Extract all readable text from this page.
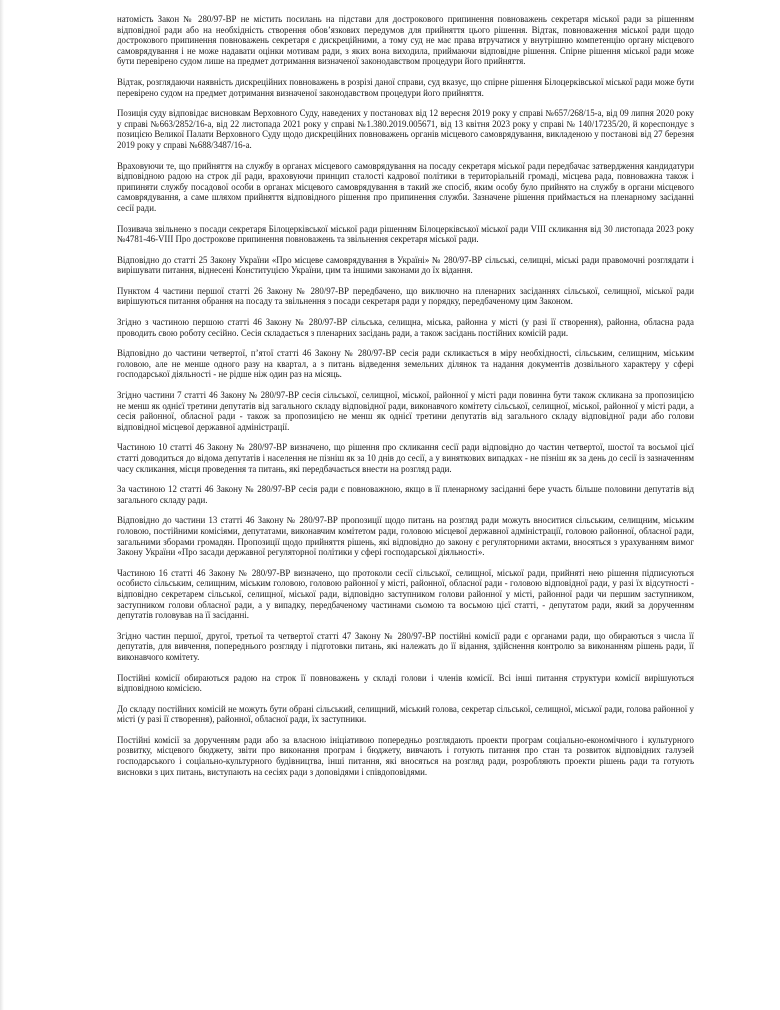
натомість Закон № 280/97-ВР не містить посилань на підстави для дострокового припинення повноважень секретаря міської ради за рішенням відповідної ради або на необхідність створення обов’язкових передумов для прийняття цього рішення. Відтак, повноваження міської ради щодо дострокового припинення повноважень секретаря є дискреційними, а тому суд не має права втручатися у внутрішню компетенцію органу місцевого самоврядування і не може надавати оцінки мотивам ради, з яких вона виходила, приймаючи відповідне рішення. Спірне рішення міської ради може бути перевірено судом лише на предмет дотримання визначеної законодавством процедури його прийняття.

Відтак, розглядаючи наявність дискреційних повноважень в розрізі даної справи, суд вказує, що спірне рішення Білоцерківської міської ради може бути перевірено судом на предмет дотримання визначеної законодавством процедури його прийняття.

Позиція суду відповідає висновкам Верховного Суду, наведених у постановах від 12 вересня 2019 року у справі №657/268/15-а, від 09 липня 2020 року у справі №663/2852/16-а, від 22 листопада 2021 року у справі №1.380.2019.005671, від 13 квітня 2023 року у справі № 140/17235/20, й кореспондує з позицією Великої Палати Верховного Суду щодо дискреційних повноважень органів місцевого самоврядування, викладеною у постанові від 27 березня 2019 року у справі №688/3487/16-а.

Враховуючи те, що прийняття на службу в органах місцевого самоврядування на посаду секретаря міської ради передбачає затвердження кандидатури відповідною радою на строк дії ради, враховуючи принцип сталості кадрової політики в територіальній громаді, місцева рада, повноважна також і припиняти службу посадової особи в органах місцевого самоврядування в такий же спосіб, яким особу було прийнято на службу в органи місцевого самоврядування, а саме шляхом прийняття відповідного рішення про припинення служби. Зазначене рішення приймається на пленарному засіданні сесії ради.

Позивача звільнено з посади секретаря Білоцерківської міської ради рішенням Білоцерківської міської ради VIII скликання від 30 листопада 2023 року №4781-46-VIII Про дострокове припинення повноважень та звільнення секретаря міської ради.

Відповідно до статті 25 Закону України «Про місцеве самоврядування в Україні» № 280/97-ВР сільські, селищні, міські ради правомочні розглядати і вирішувати питання, віднесені Конституцією України, цим та іншими законами до їх відання.

Пунктом 4 частини першої статті 26 Закону № 280/97-ВР передбачено, що виключно на пленарних засіданнях сільської, селищної, міської ради вирішуються питання обрання на посаду та звільнення з посади секретаря ради у порядку, передбаченому цим Законом.

Згідно з частиною першою статті 46 Закону № 280/97-ВР сільська, селищна, міська, районна у місті (у разі її створення), районна, обласна рада проводить свою роботу сесійно. Сесія складається з пленарних засідань ради, а також засідань постійних комісій ради.

Відповідно до частини четвертої, п’ятої статті 46 Закону № 280/97-ВР сесія ради скликається в міру необхідності, сільським, селищним, міським головою, але не менше одного разу на квартал, а з питань відведення земельних ділянок та надання документів дозвільного характеру у сфері господарської діяльності - не рідше ніж один раз на місяць.

Згідно частини 7 статті 46 Закону № 280/97-ВР сесія сільської, селищної, міської, районної у місті ради повинна бути також скликана за пропозицією не менш як однієї третини депутатів від загального складу відповідної ради, виконавчого комітету сільської, селищної, міської, районної у місті ради, а сесія районної, обласної ради - також за пропозицією не менш як однієї третини депутатів від загального складу відповідної ради або голови відповідної місцевої державної адміністрації.

Частиною 10 статті 46 Закону № 280/97-ВР визначено, що рішення про скликання сесії ради відповідно до частин четвертої, шостої та восьмої цієї статті доводиться до відома депутатів і населення не пізніш як за 10 днів до сесії, а у виняткових випадках - не пізніш як за день до сесії із зазначенням часу скликання, місця проведення та питань, які передбачається внести на розгляд ради.

За частиною 12 статті 46 Закону № 280/97-ВР сесія ради є повноважною, якщо в її пленарному засіданні бере участь більше половини депутатів від загального складу ради.

Відповідно до частини 13 статті 46 Закону № 280/97-ВР пропозиції щодо питань на розгляд ради можуть вноситися сільським, селищним, міським головою, постійними комісіями, депутатами, виконавчим комітетом ради, головою місцевої державної адміністрації, головою районної, обласної ради, загальними зборами громадян. Пропозиції щодо прийняття рішень, які відповідно до закону є регуляторними актами, вносяться з урахуванням вимог Закону України «Про засади державної регуляторної політики у сфері господарської діяльності».

Частиною 16 статті 46 Закону № 280/97-ВР визначено, що протоколи сесії сільської, селищної, міської ради, прийняті нею рішення підписуються особисто сільським, селищним, міським головою, головою районної у місті, районної, обласної ради - головою відповідної ради, у разі їх відсутності - відповідно секретарем сільської, селищної, міської ради, відповідно заступником голови районної у місті, районної ради чи першим заступником, заступником голови обласної ради, а у випадку, передбаченому частинами сьомою та восьмою цієї статті, - депутатом ради, який за дорученням депутатів головував на її засіданні.

Згідно частин першої, другої, третьої та четвертої статті 47 Закону № 280/97-ВР постійні комісії ради є органами ради, що обираються з числа її депутатів, для вивчення, попереднього розгляду і підготовки питань, які належать до її відання, здійснення контролю за виконанням рішень ради, її виконавчого комітету.

Постійні комісії обираються радою на строк її повноважень у складі голови і членів комісії. Всі інші питання структури комісії вирішуються відповідною комісією.

До складу постійних комісій не можуть бути обрані сільський, селищний, міський голова, секретар сільської, селищної, міської ради, голова районної у місті (у разі її створення), районної, обласної ради, їх заступники.

Постійні комісії за дорученням ради або за власною ініціативою попередньо розглядають проекти програм соціально-економічного і культурного розвитку, місцевого бюджету, звіти про виконання програм і бюджету, вивчають і готують питання про стан та розвиток відповідних галузей господарського і соціально-культурного будівництва, інші питання, які вносяться на розгляд ради, розробляють проекти рішень ради та готують висновки з цих питань, виступають на сесіях ради з доповідями і співдоповідями.
